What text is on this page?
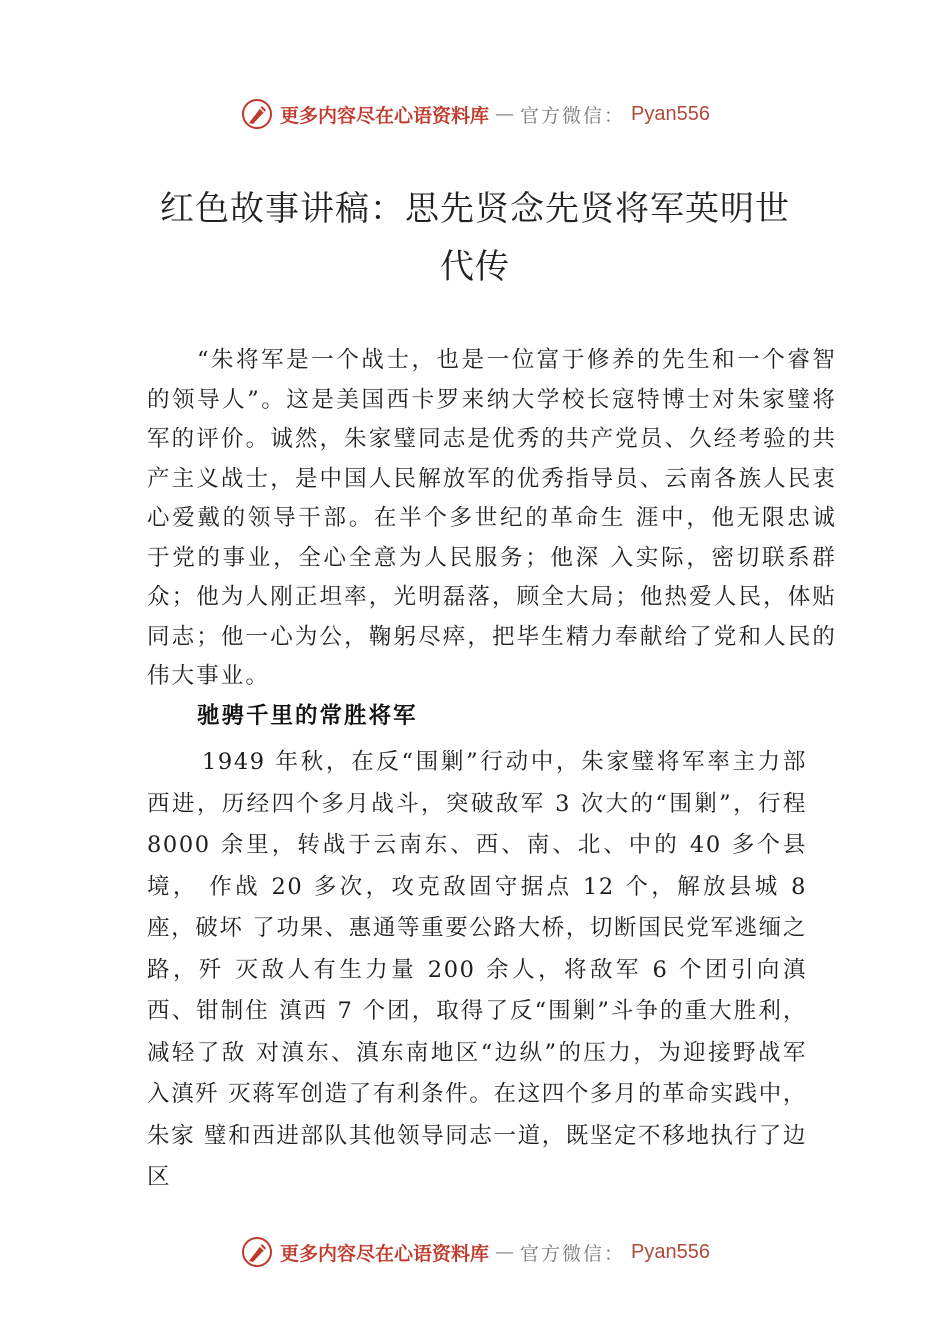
更多内容尽在心语资料库 — 官方微信： Pyan556
红色故事讲稿：思先贤念先贤将军英明世
代传

“朱将军是一个战士，也是一位富于修养的先生和一个睿智的领导人”。这是美国西卡罗来纳大学校长寇特博士对朱家璧将军的评价。诚然，朱家璧同志是优秀的共产党员、久经考验的共产主义战士，是中国人民解放军的优秀指导员、云南各族人民衷心爱戴的领导干部。在半个多世纪的革命生 涯中，他无限忠诚于党的事业，全心全意为人民服务；他深 入实际，密切联系群众；他为人刚正坦率，光明磊落，顾全大局；他热爱人民，体贴同志；他一心为公，鞠躬尽瘁，把毕生精力奉献给了党和人民的伟大事业。

驰骋千里的常胜将军

1949 年秋，在反“围剿”行动中，朱家璧将军率主力部 西进，历经四个多月战斗，突破敌军 3 次大的“围剿”，行程 8000 余里，转战于云南东、西、南、北、中的 40 多个县境， 作战 20 多次，攻克敌固守据点 12 个，解放县城 8 座，破坏 了功果、惠通等重要公路大桥，切断国民党军逃缅之路，歼 灭敌人有生力量 200 余人，将敌军 6 个团引向滇西、钳制住 滇西 7 个团，取得了反“围剿”斗争的重大胜利，减轻了敌 对滇东、滇东南地区“边纵”的压力，为迎接野战军入滇歼 灭蒋军创造了有利条件。在这四个多月的革命实践中，朱家 璧和西进部队其他领导同志一道，既坚定不移地执行了边区

更多内容尽在心语资料库 — 官方微信： Pyan556
